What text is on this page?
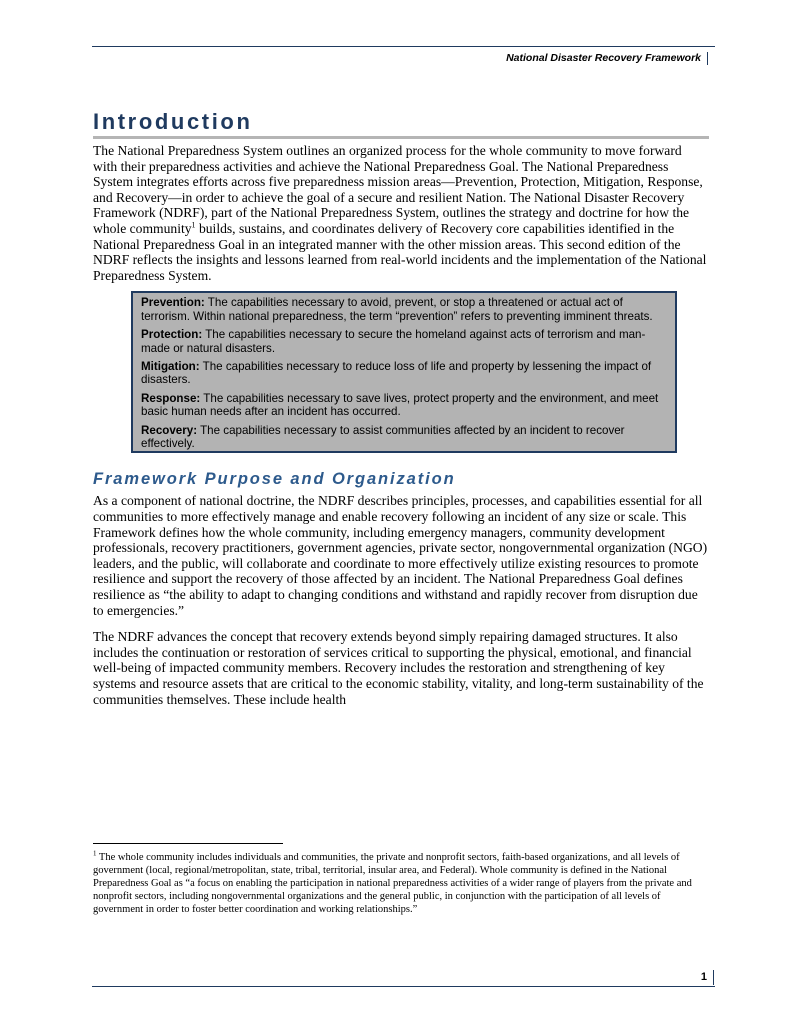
National Disaster Recovery Framework
Introduction

The National Preparedness System outlines an organized process for the whole community to move forward with their preparedness activities and achieve the National Preparedness Goal. The National Preparedness System integrates efforts across five preparedness mission areas—Prevention, Protection, Mitigation, Response, and Recovery—in order to achieve the goal of a secure and resilient Nation. The National Disaster Recovery Framework (NDRF), part of the National Preparedness System, outlines the strategy and doctrine for how the whole community$^1$ builds, sustains, and coordinates delivery of Recovery core capabilities identified in the National Preparedness Goal in an integrated manner with the other mission areas. This second edition of the NDRF reflects the insights and lessons learned from real-world incidents and the implementation of the National Preparedness System.

Prevention: The capabilities necessary to avoid, prevent, or stop a threatened or actual act of terrorism. Within national preparedness, the term “prevention” refers to preventing imminent threats.

Protection: The capabilities necessary to secure the homeland against acts of terrorism and man-made or natural disasters.

Mitigation: The capabilities necessary to reduce loss of life and property by lessening the impact of disasters.

Response: The capabilities necessary to save lives, protect property and the environment, and meet basic human needs after an incident has occurred.

Recovery: The capabilities necessary to assist communities affected by an incident to recover effectively.

Framework Purpose and Organization

As a component of national doctrine, the NDRF describes principles, processes, and capabilities essential for all communities to more effectively manage and enable recovery following an incident of any size or scale. This Framework defines how the whole community, including emergency managers, community development professionals, recovery practitioners, government agencies, private sector, nongovernmental organization (NGO) leaders, and the public, will collaborate and coordinate to more effectively utilize existing resources to promote resilience and support the recovery of those affected by an incident. The National Preparedness Goal defines resilience as “the ability to adapt to changing conditions and withstand and rapidly recover from disruption due to emergencies.”

The NDRF advances the concept that recovery extends beyond simply repairing damaged structures. It also includes the continuation or restoration of services critical to supporting the physical, emotional, and financial well-being of impacted community members. Recovery includes the restoration and strengthening of key systems and resource assets that are critical to the economic stability, vitality, and long-term sustainability of the communities themselves. These include health

$^1$ The whole community includes individuals and communities, the private and nonprofit sectors, faith-based organizations, and all levels of government (local, regional/metropolitan, state, tribal, territorial, insular area, and Federal). Whole community is defined in the National Preparedness Goal as “a focus on enabling the participation in national preparedness activities of a wider range of players from the private and nonprofit sectors, including nongovernmental organizations and the general public, in conjunction with the participation of all levels of government in order to foster better coordination and working relationships.”
1
